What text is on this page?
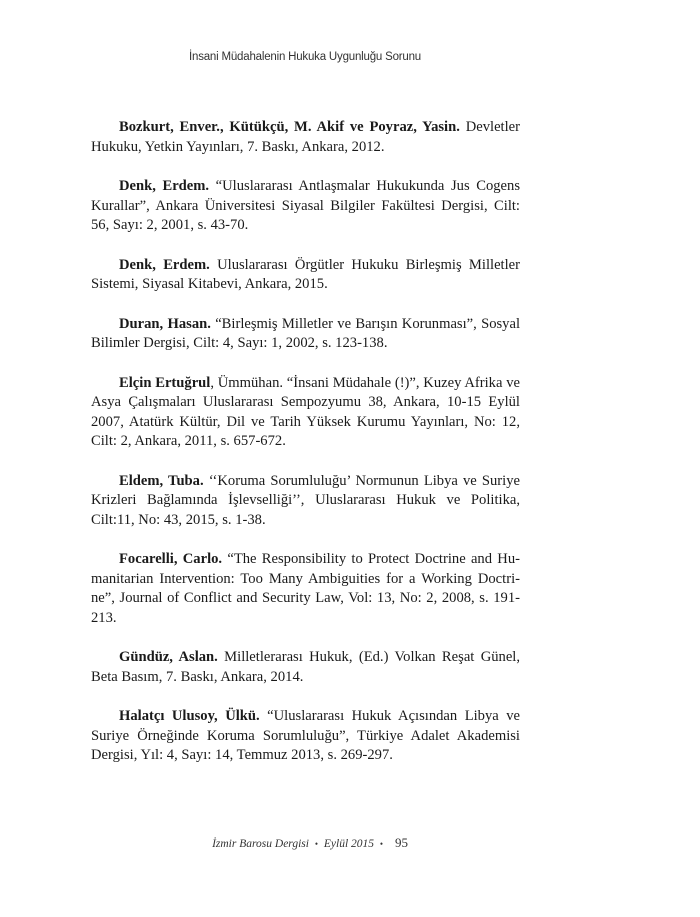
İnsani Müdahalenin Hukuka Uygunluğu Sorunu

Bozkurt, Enver., Kütükçü, M. Akif ve Poyraz, Yasin. Devletler Hukuku, Yetkin Yayınları, 7. Baskı, Ankara, 2012.

Denk, Erdem. “Uluslararası Antlaşmalar Hukukunda Jus Cogens Kurallar”, Ankara Üniversitesi Siyasal Bilgiler Fakültesi Dergisi, Cilt: 56, Sayı: 2, 2001, s. 43-70.

Denk, Erdem. Uluslararası Örgütler Hukuku Birleşmiş Milletler Sistemi, Siyasal Kitabevi, Ankara, 2015.

Duran, Hasan. “Birleşmiş Milletler ve Barışın Korunması”, Sosyal Bilimler Dergisi, Cilt: 4, Sayı: 1, 2002, s. 123-138.

Elçin Ertuğrul, Ümmühan. “İnsani Müdahale (!)”, Kuzey Afrika ve Asya Çalışmaları Uluslararası Sempozyumu 38, Ankara, 10-15 Eylül 2007, Atatürk Kültür, Dil ve Tarih Yüksek Kurumu Yayınları, No: 12, Cilt: 2, Ankara, 2011, s. 657-672.

Eldem, Tuba. ‘‘Koruma Sorumluluğu’ Normunun Libya ve Suriye Krizleri Bağlamında İşlevselliği’’, Uluslararası Hukuk ve Politika, Cilt:11, No: 43, 2015, s. 1-38.

Focarelli, Carlo. “The Responsibility to Protect Doctrine and Humanitarian Intervention: Too Many Ambiguities for a Working Doctrine”, Journal of Conflict and Security Law, Vol: 13, No: 2, 2008, s. 191-213.

Gündüz, Aslan. Milletlerarası Hukuk, (Ed.) Volkan Reşat Günel, Beta Basım, 7. Baskı, Ankara, 2014.

Halatçı Ulusoy, Ülkü. “Uluslararası Hukuk Açısından Libya ve Suriye Örneğinde Koruma Sorumluluğu”, Türkiye Adalet Akademisi Dergisi, Yıl: 4, Sayı: 14, Temmuz 2013, s. 269-297.

İzmir Barosu Dergisi • Eylül 2015 • 95
